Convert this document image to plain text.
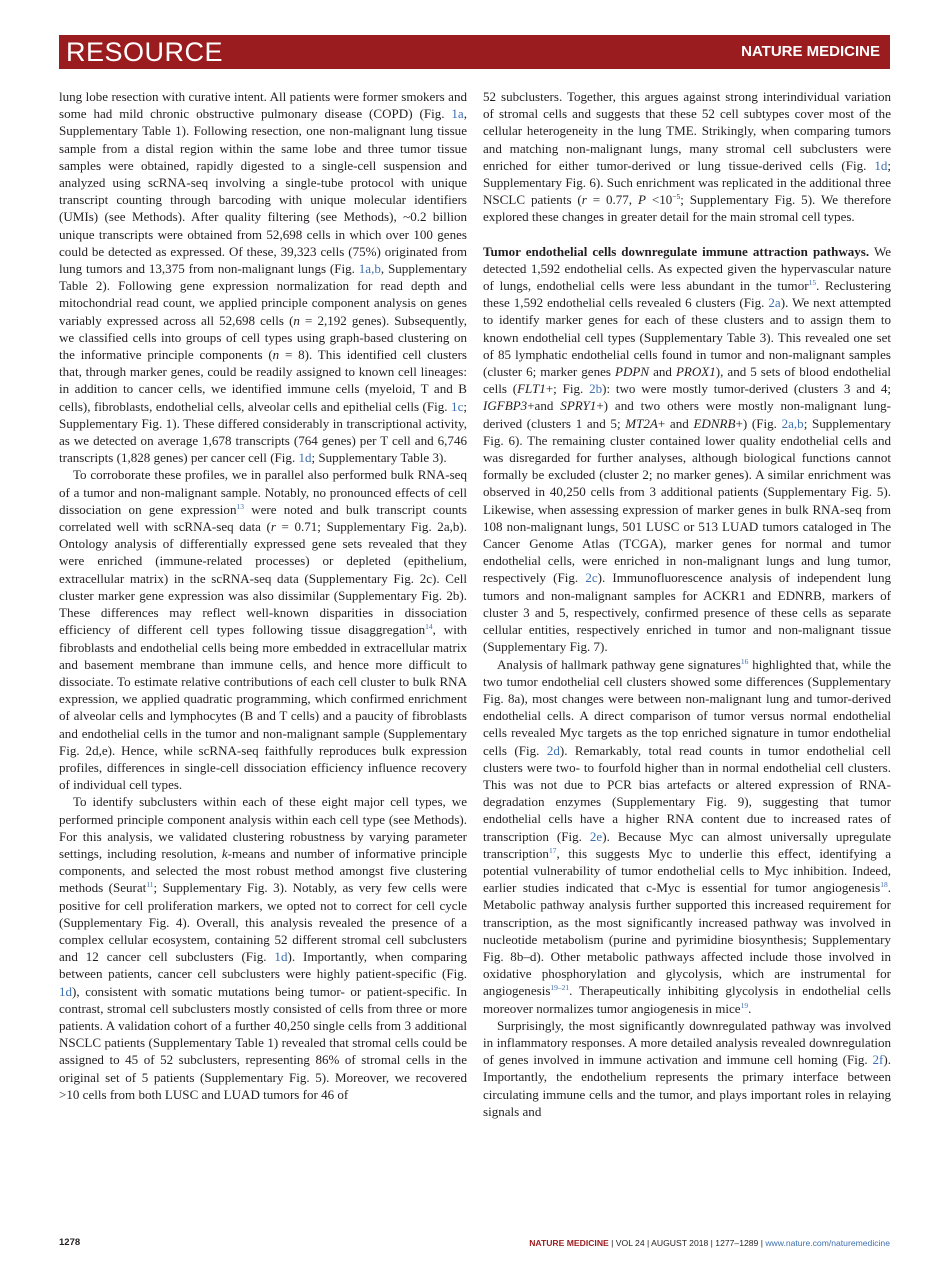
RESOURCE	NATURE MEDICINE

lung lobe resection with curative intent. All patients were former smokers and some had mild chronic obstructive pulmonary disease (COPD) (Fig. 1a, Supplementary Table 1). Following resection, one non-malignant lung tissue sample from a distal region within the same lobe and three tumor tissue samples were obtained, rapidly digested to a single-cell suspension and analyzed using scRNA-seq involving a single-tube protocol with unique transcript counting through barcoding with unique molecular identifiers (UMIs) (see Methods). After quality filtering (see Methods), ~0.2 billion unique transcripts were obtained from 52,698 cells in which over 100 genes could be detected as expressed. Of these, 39,323 cells (75%) originated from lung tumors and 13,375 from non-malignant lungs (Fig. 1a,b, Supplementary Table 2). Following gene expression normalization for read depth and mitochondrial read count, we applied principle component analysis on genes variably expressed across all 52,698 cells (n = 2,192 genes). Subsequently, we classified cells into groups of cell types using graph-based clustering on the informative principle components (n = 8). This identified cell clusters that, through marker genes, could be readily assigned to known cell lineages: in addition to cancer cells, we identified immune cells (myeloid, T and B cells), fibroblasts, endothelial cells, alveolar cells and epithelial cells (Fig. 1c; Supplementary Fig. 1). These differed considerably in transcriptional activity, as we detected on average 1,678 transcripts (764 genes) per T cell and 6,746 transcripts (1,828 genes) per cancer cell (Fig. 1d; Supplementary Table 3).

To corroborate these profiles, we in parallel also performed bulk RNA-seq of a tumor and non-malignant sample. Notably, no pronounced effects of cell dissociation on gene expression$^{13}$ were noted and bulk transcript counts correlated well with scRNA-seq data (r = 0.71; Supplementary Fig. 2a,b). Ontology analysis of differentially expressed gene sets revealed that they were enriched (immune-related processes) or depleted (epithelium, extracellular matrix) in the scRNA-seq data (Supplementary Fig. 2c). Cell cluster marker gene expression was also dissimilar (Supplementary Fig. 2b). These differences may reflect well-known disparities in dissociation efficiency of different cell types following tissue disaggregation$^{14}$, with fibroblasts and endothelial cells being more embedded in extracellular matrix and basement membrane than immune cells, and hence more difficult to dissociate. To estimate relative contributions of each cell cluster to bulk RNA expression, we applied quadratic programming, which confirmed enrichment of alveolar cells and lymphocytes (B and T cells) and a paucity of fibroblasts and endothelial cells in the tumor and non-malignant sample (Supplementary Fig. 2d,e). Hence, while scRNA-seq faithfully reproduces bulk expression profiles, differences in single-cell dissociation efficiency influence recovery of individual cell types.

To identify subclusters within each of these eight major cell types, we performed principle component analysis within each cell type (see Methods). For this analysis, we validated clustering robustness by varying parameter settings, including resolution, k-means and number of informative principle components, and selected the most robust method amongst five clustering methods (Seurat$^{11}$; Supplementary Fig. 3). Notably, as very few cells were positive for cell proliferation markers, we opted not to correct for cell cycle (Supplementary Fig. 4). Overall, this analysis revealed the presence of a complex cellular ecosystem, containing 52 different stromal cell subclusters and 12 cancer cell subclusters (Fig. 1d). Importantly, when comparing between patients, cancer cell subclusters were highly patient-specific (Fig. 1d), consistent with somatic mutations being tumor- or patient-specific. In contrast, stromal cell subclusters mostly consisted of cells from three or more patients. A validation cohort of a further 40,250 single cells from 3 additional NSCLC patients (Supplementary Table 1) revealed that stromal cells could be assigned to 45 of 52 subclusters, representing 86% of stromal cells in the original set of 5 patients (Supplementary Fig. 5). Moreover, we recovered >10 cells from both LUSC and LUAD tumors for 46 of

52 subclusters. Together, this argues against strong interindividual variation of stromal cells and suggests that these 52 cell subtypes cover most of the cellular heterogeneity in the lung TME. Strikingly, when comparing tumors and matching non-malignant lungs, many stromal cell subclusters were enriched for either tumor-derived or lung tissue-derived cells (Fig. 1d; Supplementary Fig. 6). Such enrichment was replicated in the additional three NSCLC patients (r = 0.77, $P <10^{-5}$; Supplementary Fig. 5). We therefore explored these changes in greater detail for the main stromal cell types.

Tumor endothelial cells downregulate immune attraction pathways. We detected 1,592 endothelial cells. As expected given the hypervascular nature of lungs, endothelial cells were less abundant in the tumor$^{15}$. Reclustering these 1,592 endothelial cells revealed 6 clusters (Fig. 2a). We next attempted to identify marker genes for each of these clusters and to assign them to known endothelial cell types (Supplementary Table 3). This revealed one set of 85 lymphatic endothelial cells found in tumor and non-malignant samples (cluster 6; marker genes PDPN and PROX1), and 5 sets of blood endothelial cells (FLT1+; Fig. 2b): two were mostly tumor-derived (clusters 3 and 4; IGFBP3+and SPRY1+) and two others were mostly non-malignant lung-derived (clusters 1 and 5; MT2A+ and EDNRB+) (Fig. 2a,b; Supplementary Fig. 6). The remaining cluster contained lower quality endothelial cells and was disregarded for further analyses, although biological functions cannot formally be excluded (cluster 2; no marker genes). A similar enrichment was observed in 40,250 cells from 3 additional patients (Supplementary Fig. 5). Likewise, when assessing expression of marker genes in bulk RNA-seq from 108 non-malignant lungs, 501 LUSC or 513 LUAD tumors cataloged in The Cancer Genome Atlas (TCGA), marker genes for normal and tumor endothelial cells, were enriched in non-malignant lungs and lung tumor, respectively (Fig. 2c). Immunofluorescence analysis of independent lung tumors and non-malignant samples for ACKR1 and EDNRB, markers of cluster 3 and 5, respectively, confirmed presence of these cells as separate cellular entities, respectively enriched in tumor and non-malignant tissue (Supplementary Fig. 7).

Analysis of hallmark pathway gene signatures$^{16}$ highlighted that, while the two tumor endothelial cell clusters showed some differences (Supplementary Fig. 8a), most changes were between non-malignant lung and tumor-derived endothelial cells. A direct comparison of tumor versus normal endothelial cells revealed Myc targets as the top enriched signature in tumor endothelial cells (Fig. 2d). Remarkably, total read counts in tumor endothelial cell clusters were two- to fourfold higher than in normal endothelial cell clusters. This was not due to PCR bias artefacts or altered expression of RNA-degradation enzymes (Supplementary Fig. 9), suggesting that tumor endothelial cells have a higher RNA content due to increased rates of transcription (Fig. 2e). Because Myc can almost universally upregulate transcription$^{17}$, this suggests Myc to underlie this effect, identifying a potential vulnerability of tumor endothelial cells to Myc inhibition. Indeed, earlier studies indicated that c-Myc is essential for tumor angiogenesis$^{18}$. Metabolic pathway analysis further supported this increased requirement for transcription, as the most significantly increased pathway was involved in nucleotide metabolism (purine and pyrimidine biosynthesis; Supplementary Fig. 8b–d). Other metabolic pathways affected include those involved in oxidative phosphorylation and glycolysis, which are instrumental for angiogenesis$^{19-21}$. Therapeutically inhibiting glycolysis in endothelial cells moreover normalizes tumor angiogenesis in mice$^{19}$.

Surprisingly, the most significantly downregulated pathway was involved in inflammatory responses. A more detailed analysis revealed downregulation of genes involved in immune activation and immune cell homing (Fig. 2f). Importantly, the endothelium represents the primary interface between circulating immune cells and the tumor, and plays important roles in relaying signals and

1278	NATURE MEDICINE | VOL 24 | AUGUST 2018 | 1277–1289 | www.nature.com/naturemedicine
